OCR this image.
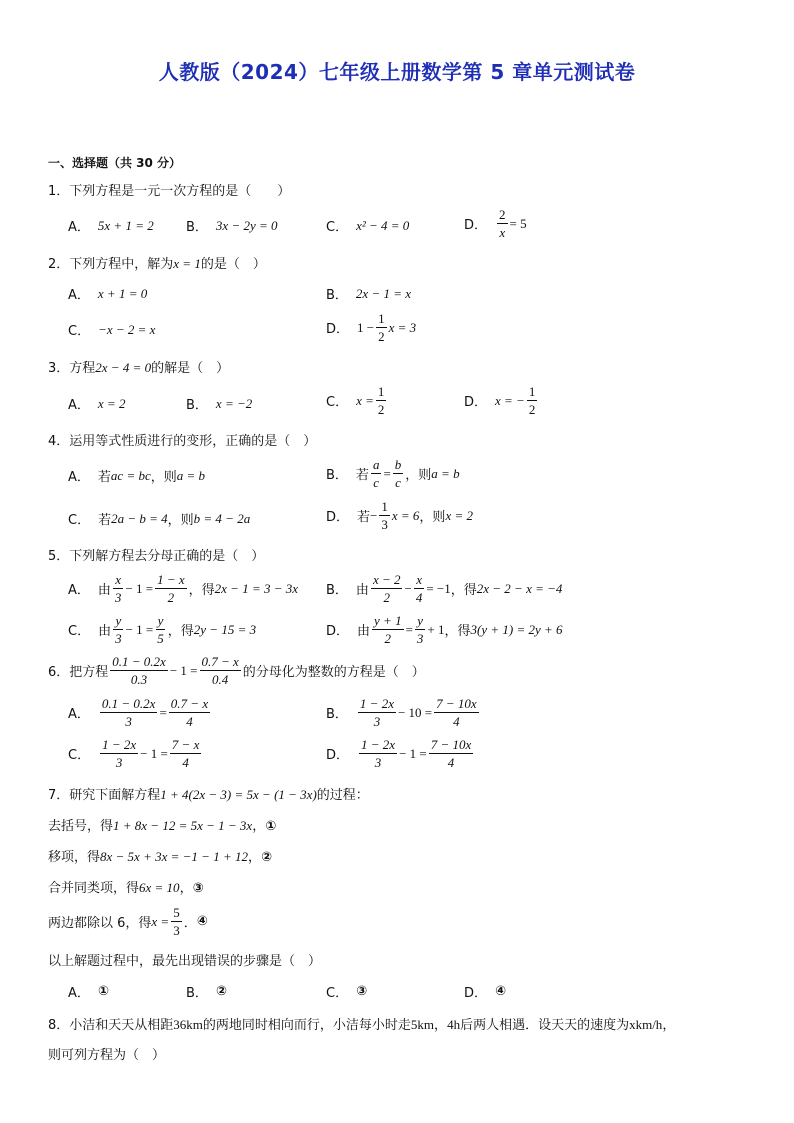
人教版（2024）七年级上册数学第 5 章单元测试卷
一、选择题（共 30 分）
1．下列方程是一元一次方程的是（　　）
A． 5x + 1 = 2 B． 3x − 2y = 0	C． x² − 4 = 0	D． $\frac{2}{x} = 5$
2．下列方程中，解为x = 1的是（　）
A． x + 1 = 0	B． 2x − 1 = x
C． −x − 2 = x	D． $1 - \frac{1}{2}$ x = 3
3．方程2x − 4 = 0的解是（　）
A． x = 2	B． x = −2	C． $x = \frac{1}{2}$	D． x = − $\frac{1}{2}$
4．运用等式性质进行的变形，正确的是（　）
A． 若 ac = bc ，则 a = b	B． 若 $\frac{a}{c} = \frac{b}{c}$ ，则 a = b
C． 若 2a − b = 4 ，则 b = 4 − 2a	D． 若 − $\frac{1}{3}$ x = 6 ，则 x = 2
5．下列解方程去分母正确的是（　）
A． 由 $\frac{x}{3} - 1 = \frac{1 - x}{2}$ ，得 2x − 1 = 3 − 3x B． 由 $\frac{x - 2}{2} - \frac{x}{4} = -1$ ，得 2x − 2 − x = −4
C． 由 $\frac{y}{3} - 1 = \frac{y}{5}$ ，得 2y − 15 = 3	D． 由 $\frac{y + 1}{2} = \frac{y}{3} + 1$ ，得 3(y + 1) = 2y + 6
6．把方程 $\frac{0.1 - 0.2x}{0.3} - 1 = \frac{0.7 - x}{0.4}$ 的分母化为整数的方程是（　）
A． $\frac{0.1 - 0.2x}{3} = \frac{0.7 - x}{4}$	B． $\frac{1 - 2x}{3} - 10 = \frac{7 - 10x}{4}$
C． $\frac{1 - 2x}{3} - 1 = \frac{7 - x}{4}$	D． $\frac{1 - 2x}{3} - 1 = \frac{7 - 10x}{4}$
7．研究下面解方程1 + 4(2x − 3) = 5x − (1 − 3x)的过程：
去括号，得1 + 8x − 12 = 5x − 1 − 3x，①
移项，得8x − 5x + 3x = −1 − 1 + 12，②
合并同类项，得6x = 10，③
两边都除以 6，得 $x = \frac{5}{3}$ ． ④
以上解题过程中，最先出现错误的步骤是（　）
A． ①	B． ②	C． ③	D． ④
8．小洁和天天从相距36km的两地同时相向而行，小洁每小时走5km，4h后两人相遇．设天天的速度为xkm/h，
则可列方程为（　）
